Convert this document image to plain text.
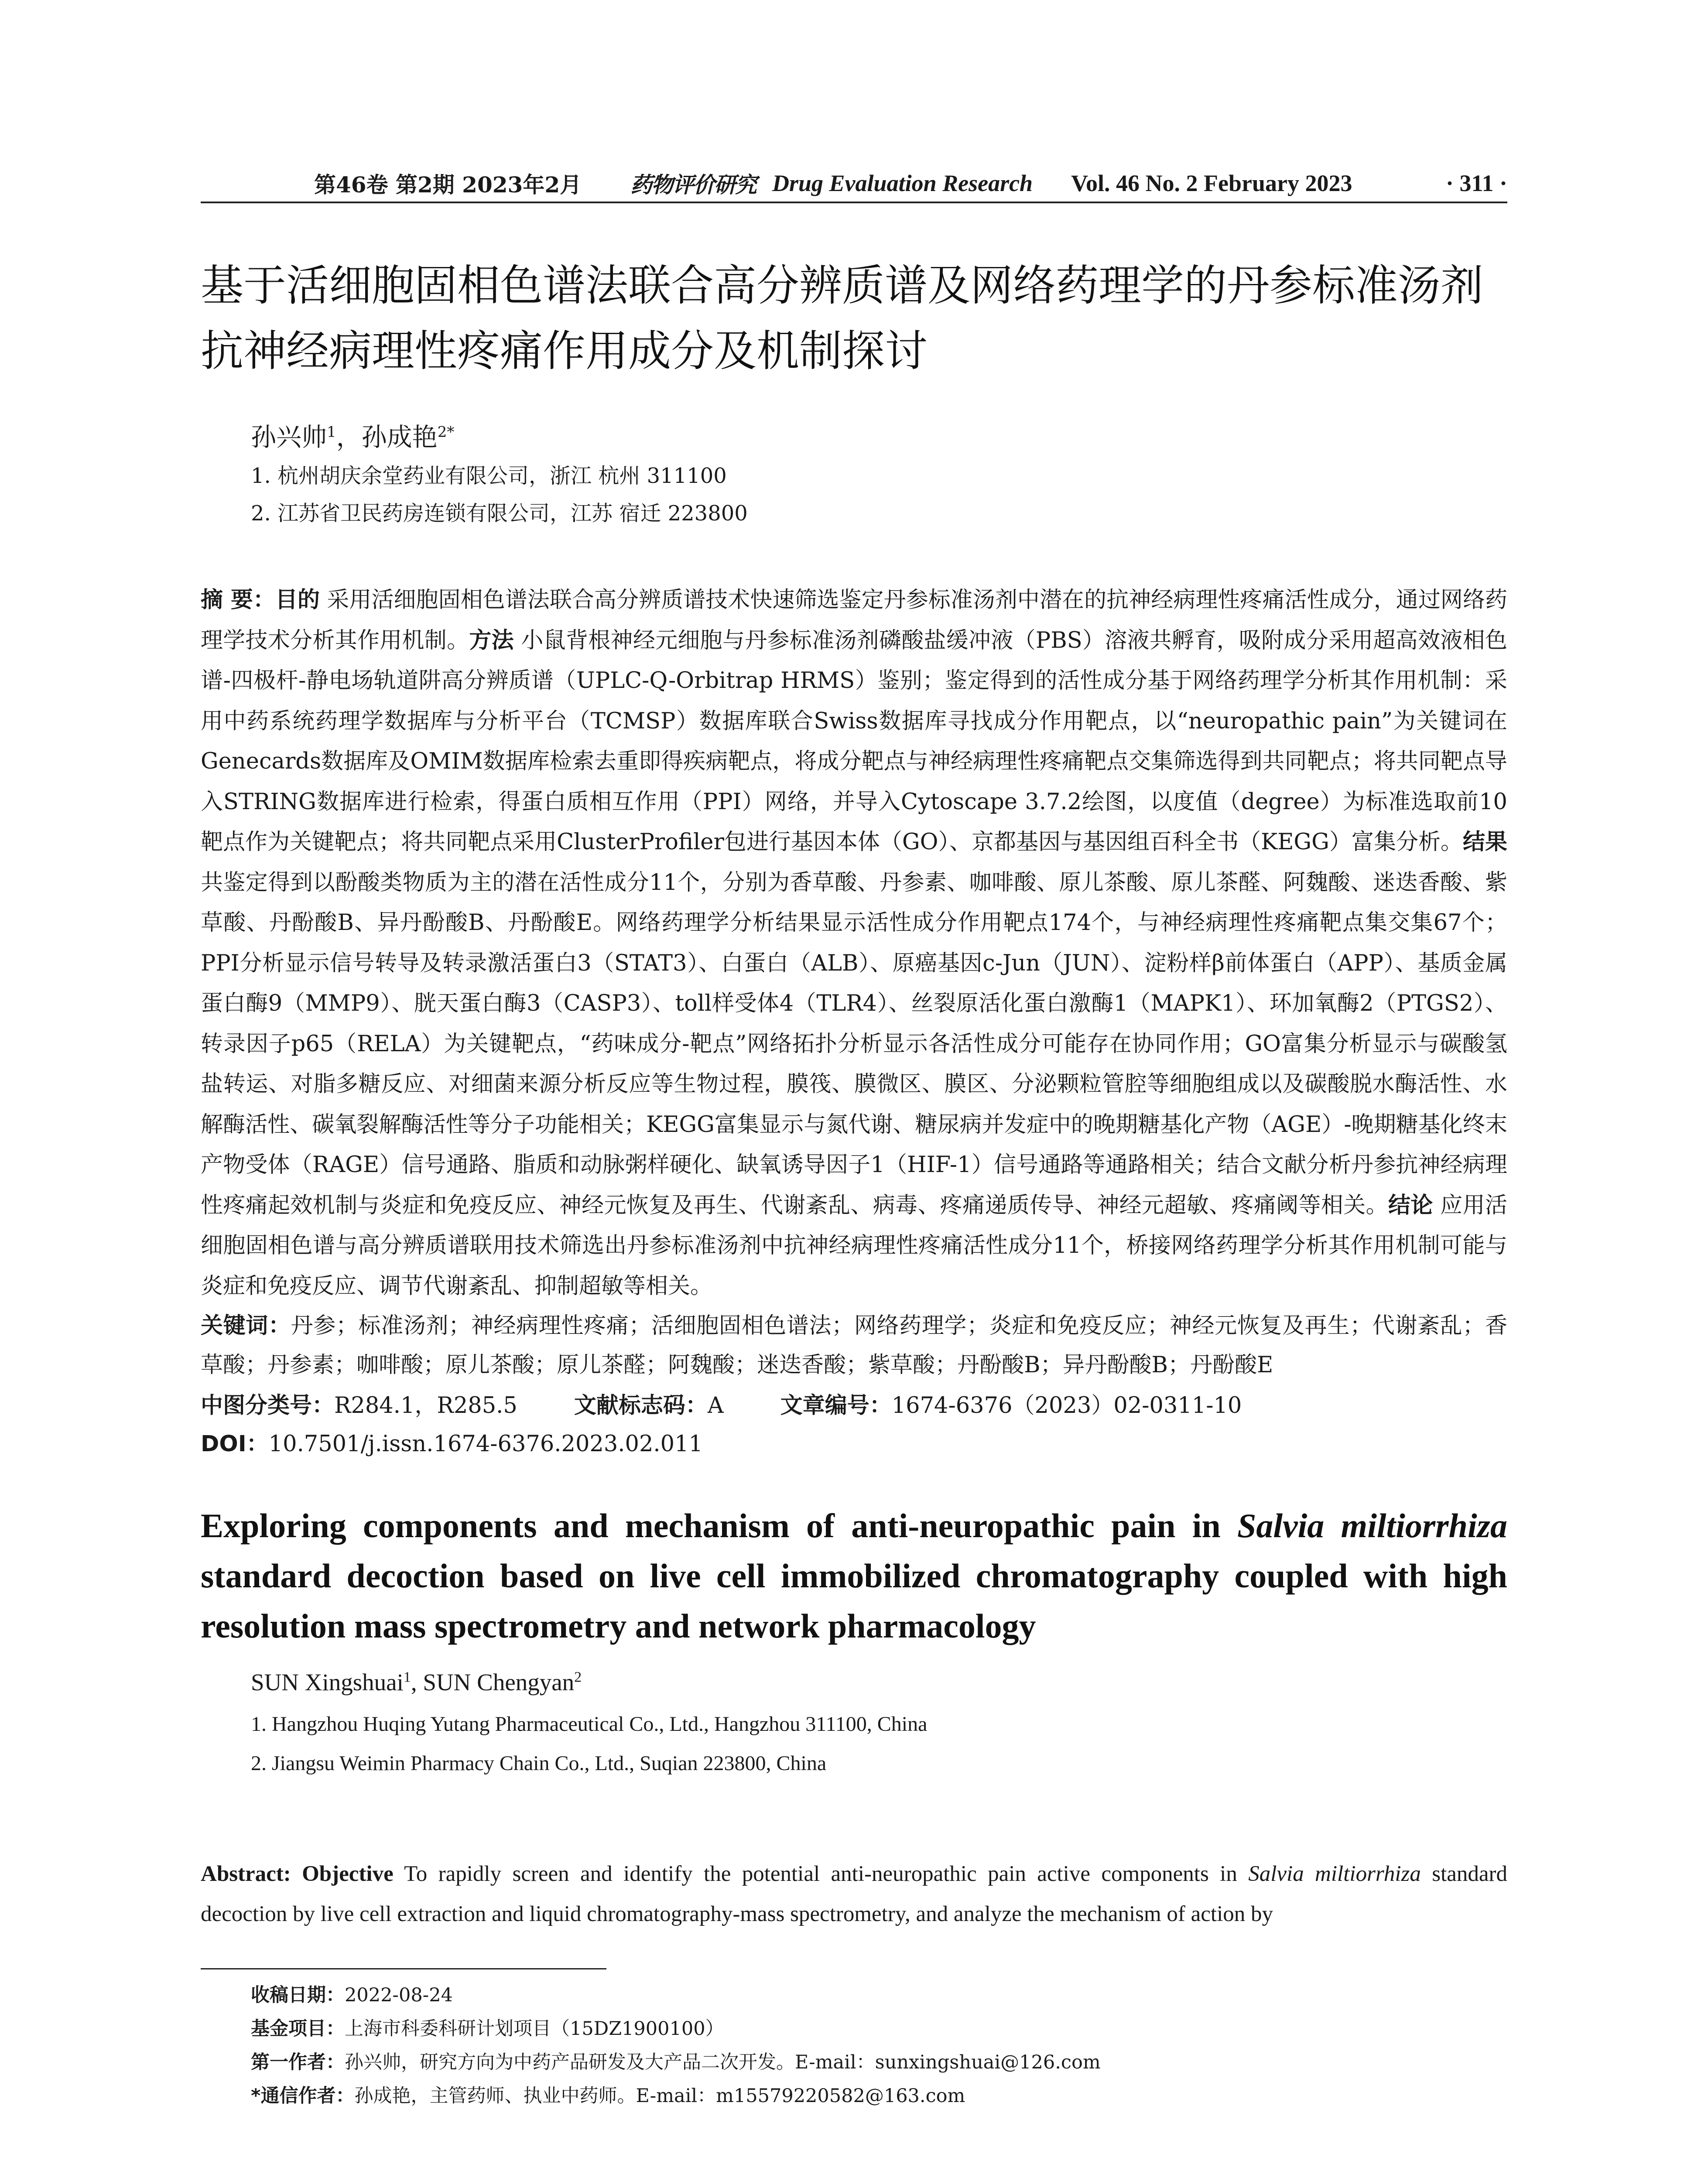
第46卷 第2期 2023年2月 药物评价研究 Drug Evaluation Research Vol. 46 No. 2 February 2023	· 311 ·
基于活细胞固相色谱法联合高分辨质谱及网络药理学的丹参标准汤剂抗神经病理性疼痛作用成分及机制探讨

孙兴帅$^1$，孙成艳$^{2*}$

1. 杭州胡庆余堂药业有限公司，浙江 杭州 311100

2. 江苏省卫民药房连锁有限公司，江苏 宿迁 223800

摘 要：目的 采用活细胞固相色谱法联合高分辨质谱技术快速筛选鉴定丹参标准汤剂中潜在的抗神经病理性疼痛活性成分，通过网络药理学技术分析其作用机制。方法 小鼠背根神经元细胞与丹参标准汤剂磷酸盐缓冲液（PBS）溶液共孵育，吸附成分采用超高效液相色谱-四极杆-静电场轨道阱高分辨质谱（UPLC-Q-Orbitrap HRMS）鉴别；鉴定得到的活性成分基于网络药理学分析其作用机制：采用中药系统药理学数据库与分析平台（TCMSP）数据库联合Swiss数据库寻找成分作用靶点，以“neuropathic pain”为关键词在Genecards数据库及OMIM数据库检索去重即得疾病靶点，将成分靶点与神经病理性疼痛靶点交集筛选得到共同靶点；将共同靶点导入STRING数据库进行检索，得蛋白质相互作用（PPI）网络，并导入Cytoscape 3.7.2绘图，以度值（degree）为标准选取前10靶点作为关键靶点；将共同靶点采用ClusterProfiler包进行基因本体（GO）、京都基因与基因组百科全书（KEGG）富集分析。结果 共鉴定得到以酚酸类物质为主的潜在活性成分11个，分别为香草酸、丹参素、咖啡酸、原儿茶酸、原儿茶醛、阿魏酸、迷迭香酸、紫草酸、丹酚酸B、异丹酚酸B、丹酚酸E。网络药理学分析结果显示活性成分作用靶点174个，与神经病理性疼痛靶点集交集67个；PPI分析显示信号转导及转录激活蛋白3（STAT3）、白蛋白（ALB）、原癌基因c-Jun（JUN）、淀粉样β前体蛋白（APP）、基质金属蛋白酶9（MMP9）、胱天蛋白酶3（CASP3）、toll样受体4（TLR4）、丝裂原活化蛋白激酶1（MAPK1）、环加氧酶2（PTGS2）、转录因子p65（RELA）为关键靶点，“药味成分-靶点”网络拓扑分析显示各活性成分可能存在协同作用；GO富集分析显示与碳酸氢盐转运、对脂多糖反应、对细菌来源分析反应等生物过程，膜筏、膜微区、膜区、分泌颗粒管腔等细胞组成以及碳酸脱水酶活性、水解酶活性、碳氧裂解酶活性等分子功能相关；KEGG富集显示与氮代谢、糖尿病并发症中的晚期糖基化产物（AGE）-晚期糖基化终末产物受体（RAGE）信号通路、脂质和动脉粥样硬化、缺氧诱导因子1（HIF-1）信号通路等通路相关；结合文献分析丹参抗神经病理性疼痛起效机制与炎症和免疫反应、神经元恢复及再生、代谢紊乱、病毒、疼痛递质传导、神经元超敏、疼痛阈等相关。结论 应用活细胞固相色谱与高分辨质谱联用技术筛选出丹参标准汤剂中抗神经病理性疼痛活性成分11个，桥接网络药理学分析其作用机制可能与炎症和免疫反应、调节代谢紊乱、抑制超敏等相关。

关键词：丹参；标准汤剂；神经病理性疼痛；活细胞固相色谱法；网络药理学；炎症和免疫反应；神经元恢复及再生；代谢紊乱；香草酸；丹参素；咖啡酸；原儿茶酸；原儿茶醛；阿魏酸；迷迭香酸；紫草酸；丹酚酸B；异丹酚酸B；丹酚酸E

中图分类号：R284.1，R285.5	文献标志码：A	文章编号：1674-6376（2023）02-0311-10

DOI：10.7501/j.issn.1674-6376.2023.02.011

Exploring components and mechanism of anti-neuropathic pain in Salvia miltiorrhiza standard decoction based on live cell immobilized chromatography coupled with high resolution mass spectrometry and network pharmacology

SUN Xingshuai$^1$, SUN Chengyan$^2$

1. Hangzhou Huqing Yutang Pharmaceutical Co., Ltd., Hangzhou 311100, China

2. Jiangsu Weimin Pharmacy Chain Co., Ltd., Suqian 223800, China

Abstract: Objective To rapidly screen and identify the potential anti-neuropathic pain active components in Salvia miltiorrhiza standard decoction by live cell extraction and liquid chromatography-mass spectrometry, and analyze the mechanism of action by

收稿日期：2022-08-24

基金项目：上海市科委科研计划项目（15DZ1900100）

第一作者：孙兴帅，研究方向为中药产品研发及大产品二次开发。E-mail：sunxingshuai@126.com

*通信作者：孙成艳，主管药师、执业中药师。E-mail：m15579220582@163.com
